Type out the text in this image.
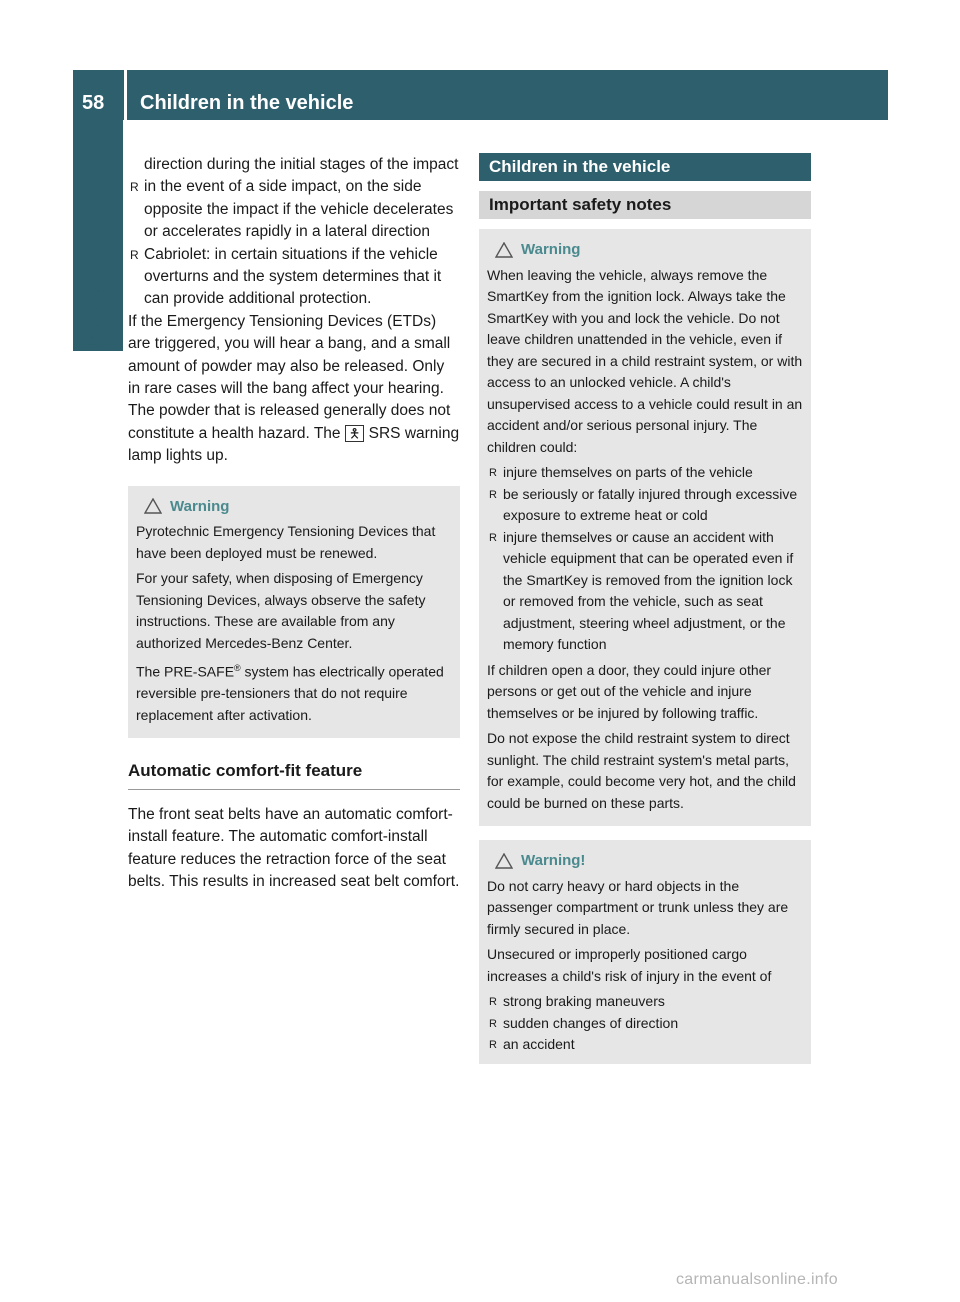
58 Children in the vehicle
Safety

direction during the initial stages of the impact

R in the event of a side impact, on the side opposite the impact if the vehicle decelerates or accelerates rapidly in a lateral direction
R Cabriolet: in certain situations if the vehicle overturns and the system determines that it can provide additional protection.

If the Emergency Tensioning Devices (ETDs) are triggered, you will hear a bang, and a small amount of powder may also be released. Only in rare cases will the bang affect your hearing. The powder that is released generally does not constitute a health hazard. The 🯅 SRS warning lamp lights up.

Warning

Pyrotechnic Emergency Tensioning Devices that have been deployed must be renewed.

For your safety, when disposing of Emergency Tensioning Devices, always observe the safety instructions. These are available from any authorized Mercedes-Benz Center.

The PRE-SAFE® system has electrically operated reversible pre-tensioners that do not require replacement after activation.

Automatic comfort-fit feature

The front seat belts have an automatic comfort-install feature. The automatic comfort-install feature reduces the retraction force of the seat belts. This results in increased seat belt comfort.

Children in the vehicle
Important safety notes
Warning

When leaving the vehicle, always remove the SmartKey from the ignition lock. Always take the SmartKey with you and lock the vehicle. Do not leave children unattended in the vehicle, even if they are secured in a child restraint system, or with access to an unlocked vehicle. A child's unsupervised access to a vehicle could result in an accident and/or serious personal injury. The children could:

R injure themselves on parts of the vehicle
R be seriously or fatally injured through excessive exposure to extreme heat or cold
R injure themselves or cause an accident with vehicle equipment that can be operated even if the SmartKey is removed from the ignition lock or removed from the vehicle, such as seat adjustment, steering wheel adjustment, or the memory function

If children open a door, they could injure other persons or get out of the vehicle and injure themselves or be injured by following traffic.

Do not expose the child restraint system to direct sunlight. The child restraint system's metal parts, for example, could become very hot, and the child could be burned on these parts.

Warning!

Do not carry heavy or hard objects in the passenger compartment or trunk unless they are firmly secured in place.

Unsecured or improperly positioned cargo increases a child's risk of injury in the event of

R strong braking maneuvers
R sudden changes of direction
R an accident
carmanualsonline.info
